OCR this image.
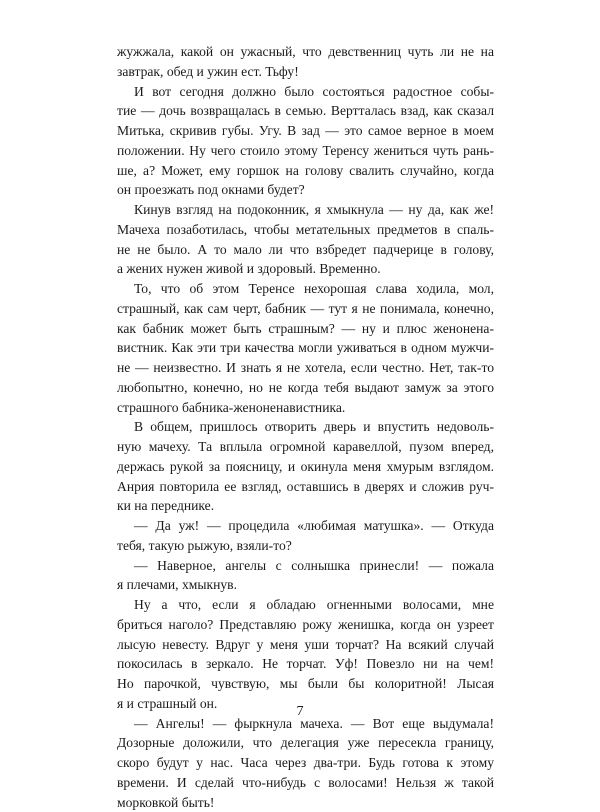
жужжала, какой он ужасный, что девственниц чуть ли не на
завтрак, обед и ужин ест. Тьфу!
И вот сегодня должно было состояться радостное собы-
тие — дочь возвращалась в семью. Вертталась взад, как сказал
Митька, скривив губы. Угу. В зад — это самое верное в моем
положении. Ну чего стоило этому Теренсу жениться чуть рань-
ше, а? Может, ему горшок на голову свалить случайно, когда
он проезжать под окнами будет?
Кинув взгляд на подоконник, я хмыкнула — ну да, как же!
Мачеха позаботилась, чтобы метательных предметов в спаль-
не не было. А то мало ли что взбредет падчерице в голову,
а жених нужен живой и здоровый. Временно.
То, что об этом Теренсе нехорошая слава ходила, мол,
страшный, как сам черт, бабник — тут я не понимала, конечно,
как бабник может быть страшным? — ну и плюс женоненa-
вистник. Как эти три качества могли уживаться в одном мужчи-
не — неизвестно. И знать я не хотела, если честно. Нет, так-то
любопытно, конечно, но не когда тебя выдают замуж за этого
страшного бабника-женоненавистника.
В общем, пришлось отворить дверь и впустить недоволь-
ную мачеху. Та вплыла огромной каравеллой, пузом вперед,
держась рукой за поясницу, и окинула меня хмурым взглядом.
Анрия повторила ее взгляд, оставшись в дверях и сложив руч-
ки на переднике.
— Да уж! — процедила «любимая матушка». — Откуда
тебя, такую рыжую, взяли-то?
— Наверное, ангелы с солнышка принесли! — пожала
я плечами, хмыкнув.
Ну а что, если я обладаю огненными волосами, мне
бриться наголо? Представляю рожу женишка, когда он узреет
лысую невесту. Вдруг у меня уши торчат? На всякий случай
покосилась в зеркало. Не торчат. Уф! Повезло ни на чем!
Но парочкой, чувствую, мы были бы колоритной! Лысая
я и страшный он.
— Ангелы! — фыркнула мачеха. — Вот еще выдумала!
Дозорные доложили, что делегация уже пересекла границу,
скоро будут у нас. Часа через два-три. Будь готова к этому
времени. И сделай что-нибудь с волосами! Нельзя ж такой
морковкой быть!
7
